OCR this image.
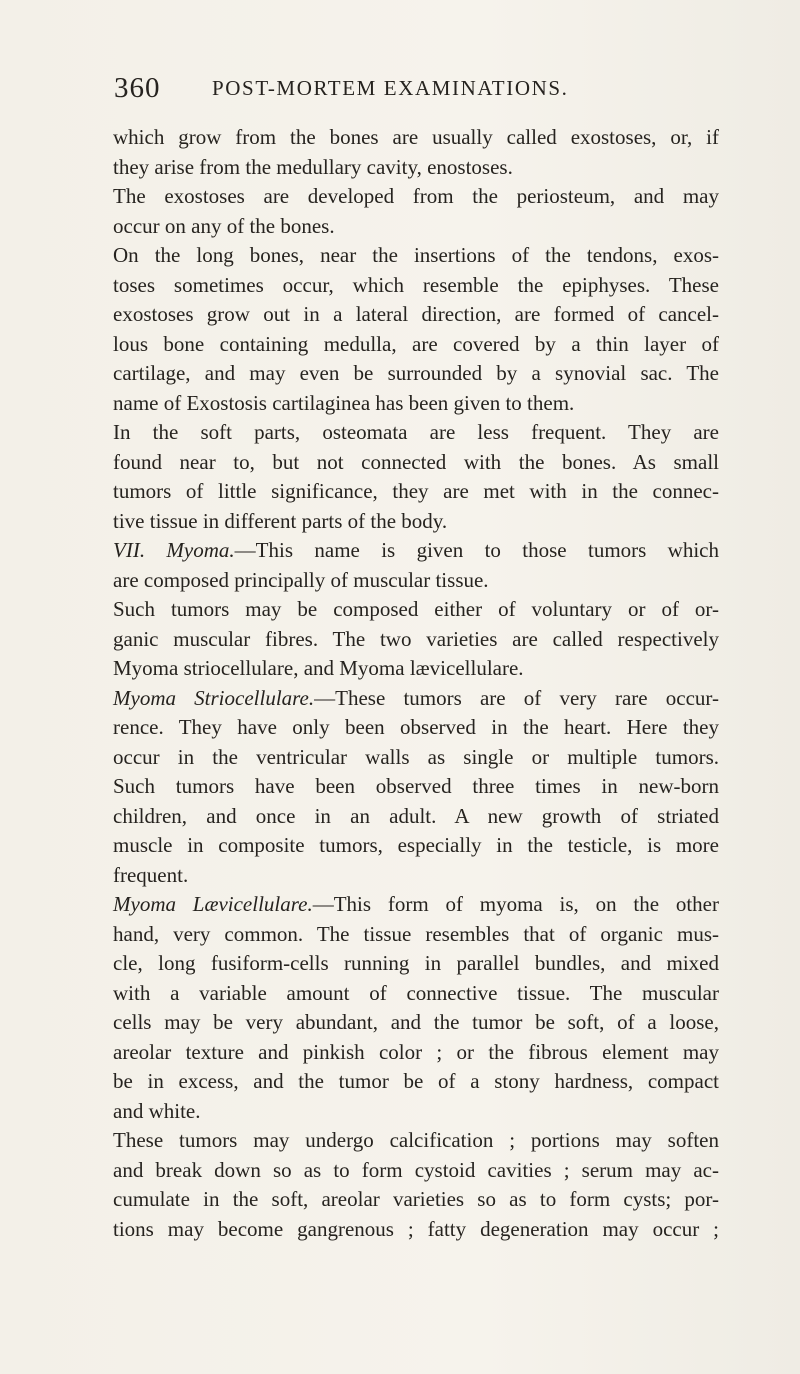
360 POST-MORTEM EXAMINATIONS.
which grow from the bones are usually called exostoses, or, if
they arise from the medullary cavity, enostoses.
The exostoses are developed from the periosteum, and may
occur on any of the bones.
On the long bones, near the insertions of the tendons, exos-
toses sometimes occur, which resemble the epiphyses. These
exostoses grow out in a lateral direction, are formed of cancel-
lous bone containing medulla, are covered by a thin layer of
cartilage, and may even be surrounded by a synovial sac. The
name of Exostosis cartilaginea has been given to them.
In the soft parts, osteomata are less frequent. They are
found near to, but not connected with the bones. As small
tumors of little significance, they are met with in the connec-
tive tissue in different parts of the body.
VII. Myoma.—This name is given to those tumors which
are composed principally of muscular tissue.
Such tumors may be composed either of voluntary or of or-
ganic muscular fibres. The two varieties are called respectively
Myoma striocellulare, and Myoma lævicellulare.
Myoma Striocellulare.—These tumors are of very rare occur-
rence. They have only been observed in the heart. Here they
occur in the ventricular walls as single or multiple tumors.
Such tumors have been observed three times in new-born
children, and once in an adult. A new growth of striated
muscle in composite tumors, especially in the testicle, is more
frequent.
Myoma Lævicellulare.—This form of myoma is, on the other
hand, very common. The tissue resembles that of organic mus-
cle, long fusiform-cells running in parallel bundles, and mixed
with a variable amount of connective tissue. The muscular
cells may be very abundant, and the tumor be soft, of a loose,
areolar texture and pinkish color ; or the fibrous element may
be in excess, and the tumor be of a stony hardness, compact
and white.
These tumors may undergo calcification ; portions may soften
and break down so as to form cystoid cavities ; serum may ac-
cumulate in the soft, areolar varieties so as to form cysts; por-
tions may become gangrenous ; fatty degeneration may occur ;
